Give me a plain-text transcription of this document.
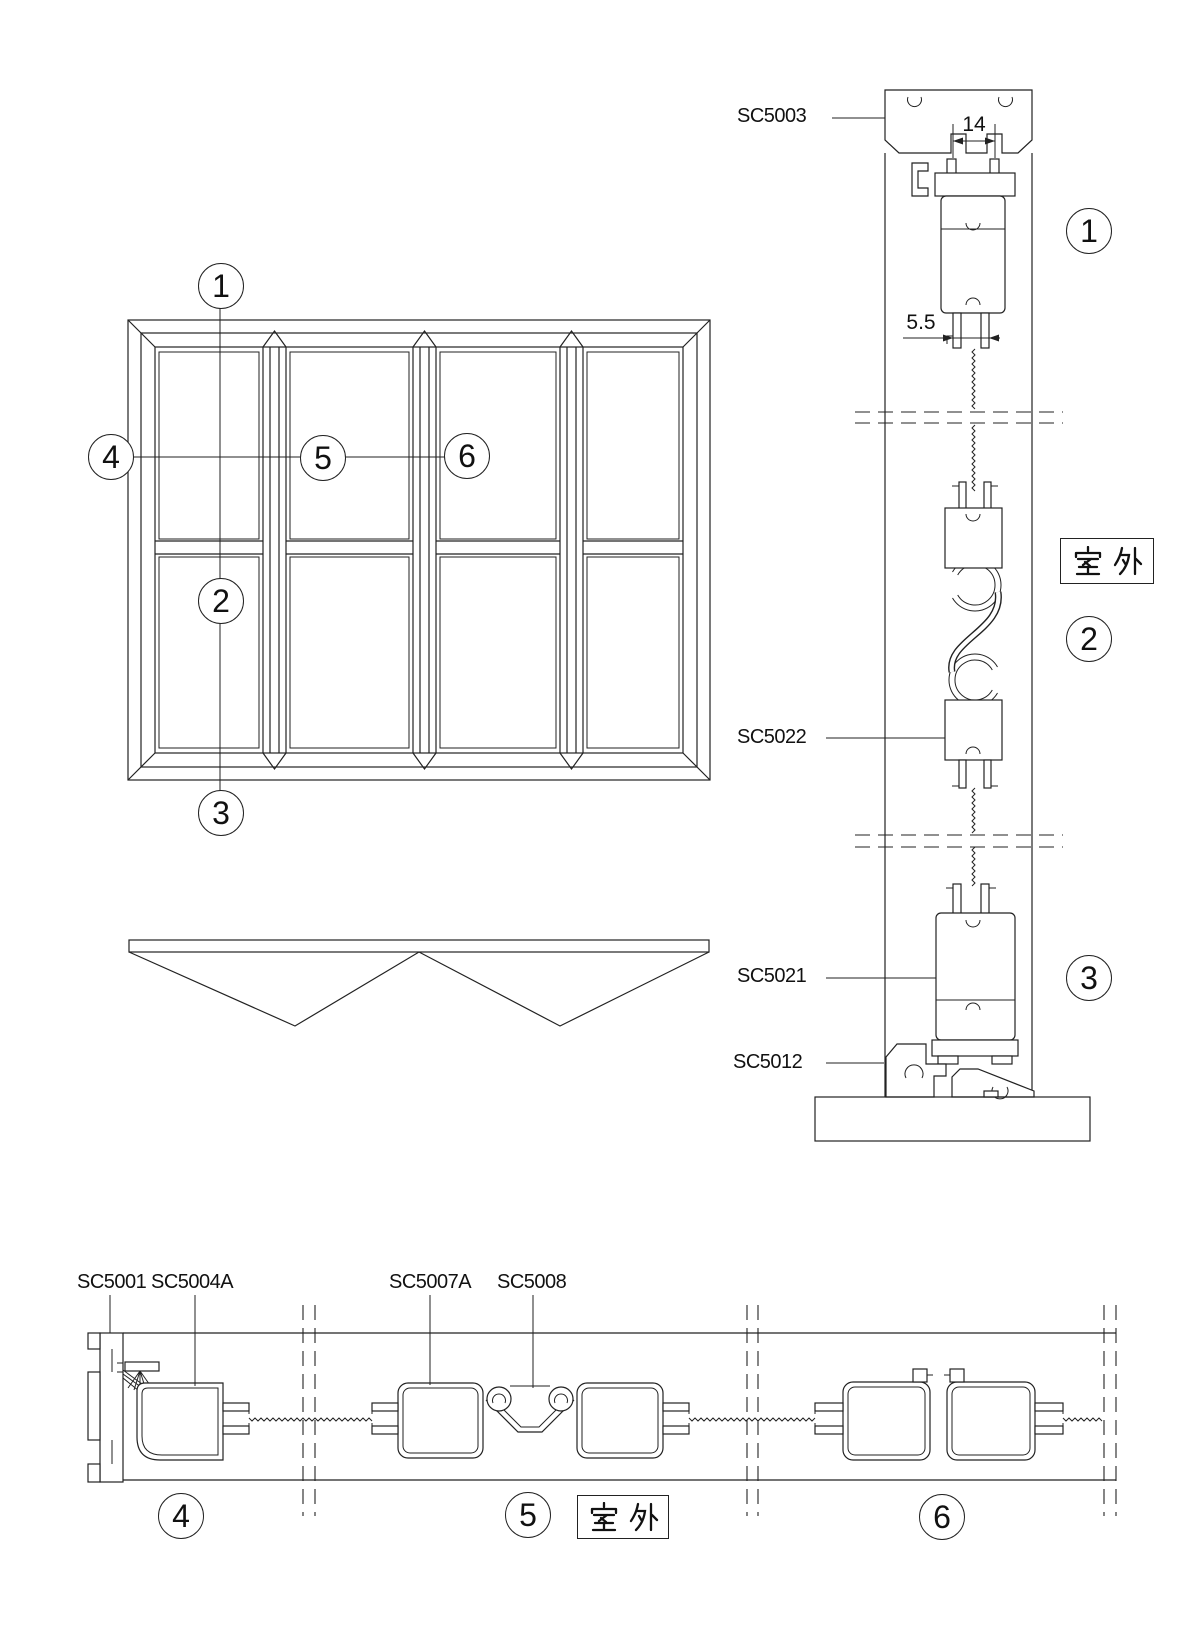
SC5003
SC5022
SC5021
SC5012
SC5001 SC5004A	SC5007A SC5008
14
5.5
1
2
3
4	5	6
1
2
3
4	5	6
